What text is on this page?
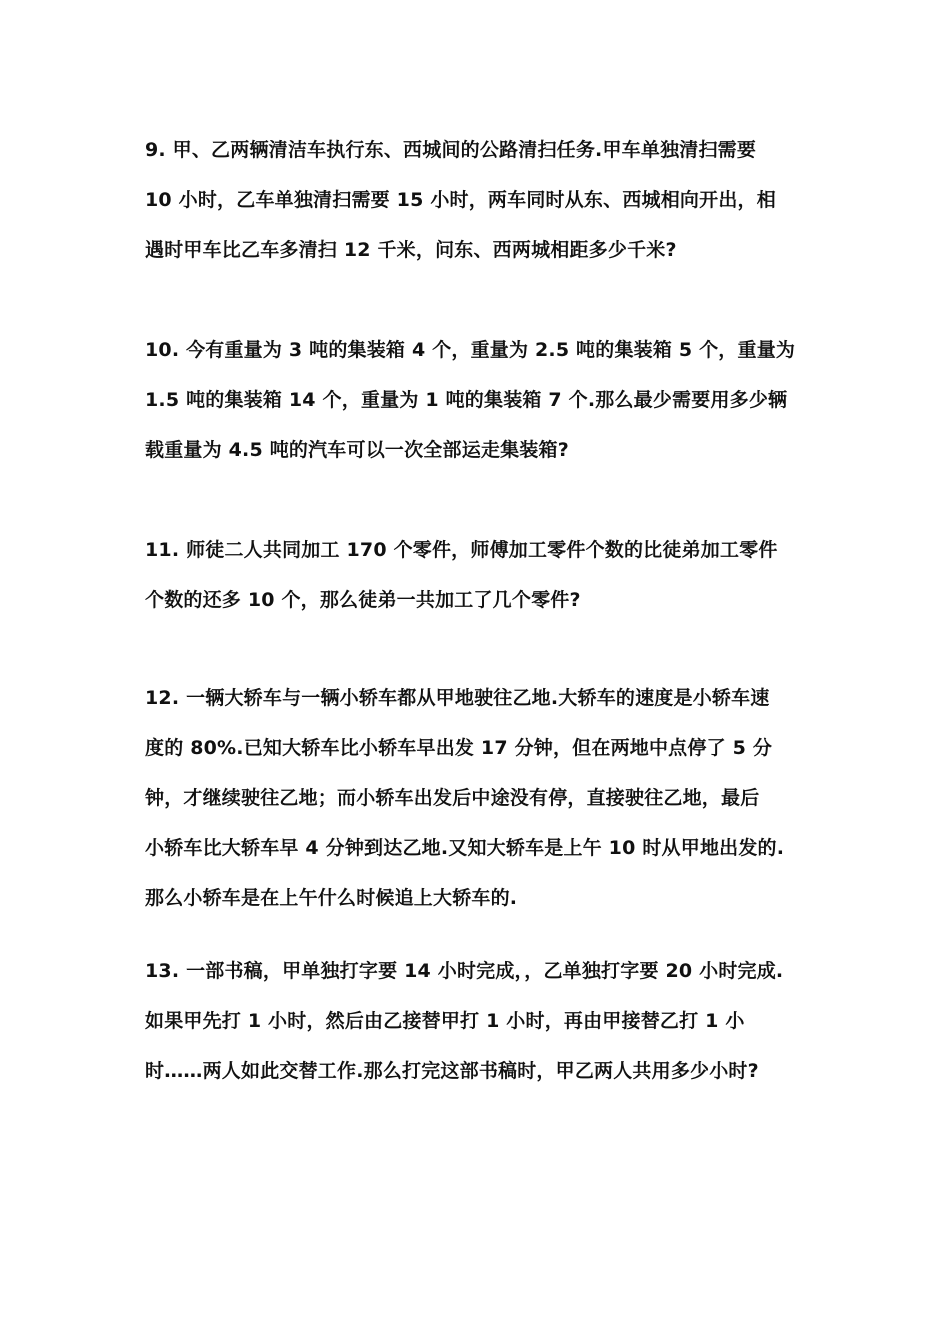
9. 甲、乙两辆清洁车执行东、西城间的公路清扫任务.甲车单独清扫需要
10 小时，乙车单独清扫需要 15 小时，两车同时从东、西城相向开出，相
遇时甲车比乙车多清扫 12 千米，问东、西两城相距多少千米?
10. 今有重量为 3 吨的集装箱 4 个，重量为 2.5 吨的集装箱 5 个，重量为
1.5 吨的集装箱 14 个，重量为 1 吨的集装箱 7 个.那么最少需要用多少辆
载重量为 4.5 吨的汽车可以一次全部运走集装箱?
11. 师徒二人共同加工 170 个零件，师傅加工零件个数的比徒弟加工零件
个数的还多 10 个，那么徒弟一共加工了几个零件?
12. 一辆大轿车与一辆小轿车都从甲地驶往乙地.大轿车的速度是小轿车速
度的 80%.已知大轿车比小轿车早出发 17 分钟，但在两地中点停了 5 分
钟，才继续驶往乙地；而小轿车出发后中途没有停，直接驶往乙地，最后
小轿车比大轿车早 4 分钟到达乙地.又知大轿车是上午 10 时从甲地出发的.
那么小轿车是在上午什么时候追上大轿车的.
13. 一部书稿，甲单独打字要 14 小时完成，，乙单独打字要 20 小时完成.
如果甲先打 1 小时，然后由乙接替甲打 1 小时，再由甲接替乙打 1 小
时……两人如此交替工作.那么打完这部书稿时，甲乙两人共用多少小时?
